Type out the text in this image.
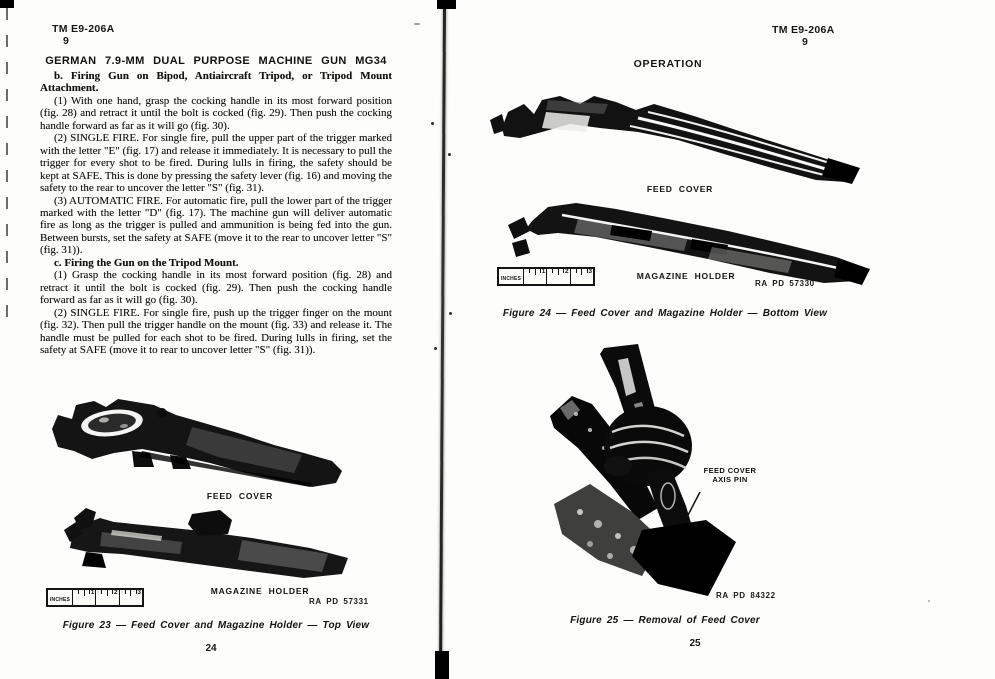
TM E9-206A
9
GERMAN 7.9-MM DUAL PURPOSE MACHINE GUN MG34

b. Firing Gun on Bipod, Antiaircraft Tripod, or Tripod Mount Attachment.

(1) With one hand, grasp the cocking handle in its most forward position (fig. 28) and retract it until the bolt is cocked (fig. 29). Then push the cocking handle forward as far as it will go (fig. 30).

(2) SINGLE FIRE. For single fire, pull the upper part of the trigger marked with the letter "E" (fig. 17) and release it immediately. It is necessary to pull the trigger for every shot to be fired. During lulls in firing, the safety should be kept at SAFE. This is done by pressing the safety lever (fig. 16) and moving the safety to the rear to uncover the letter "S" (fig. 31).

(3) AUTOMATIC FIRE. For automatic fire, pull the lower part of the trigger marked with the letter "D" (fig. 17). The machine gun will deliver automatic fire as long as the trigger is pulled and ammunition is being fed into the gun. Between bursts, set the safety at SAFE (move it to the rear to uncover letter "S" (fig. 31)).

c. Firing the Gun on the Tripod Mount.

(1) Grasp the cocking handle in its most forward position (fig. 28) and retract it until the bolt is cocked (fig. 29). Then push the cocking handle forward as far as it will go (fig. 30).

(2) SINGLE FIRE. For single fire, push up the trigger finger on the mount (fig. 32). Then pull the trigger handle on the mount (fig. 33) and release it. The handle must be pulled for each shot to be fired. During lulls in firing, set the safety at SAFE (move it to rear to uncover letter "S" (fig. 31)).

FEED COVER
INCHES
1	2	3	MAGAZINE HOLDER
RA PD 57331
Figure 23 — Feed Cover and Magazine Holder — Top View
24
TM E9-206A
9
OPERATION
FEED COVER
INCHES
1	2	3	MAGAZINE HOLDER
RA PD 57330
Figure 24 — Feed Cover and Magazine Holder — Bottom View
FEED COVER
AXIS PIN
RA PD 84322
Figure 25 — Removal of Feed Cover
25
